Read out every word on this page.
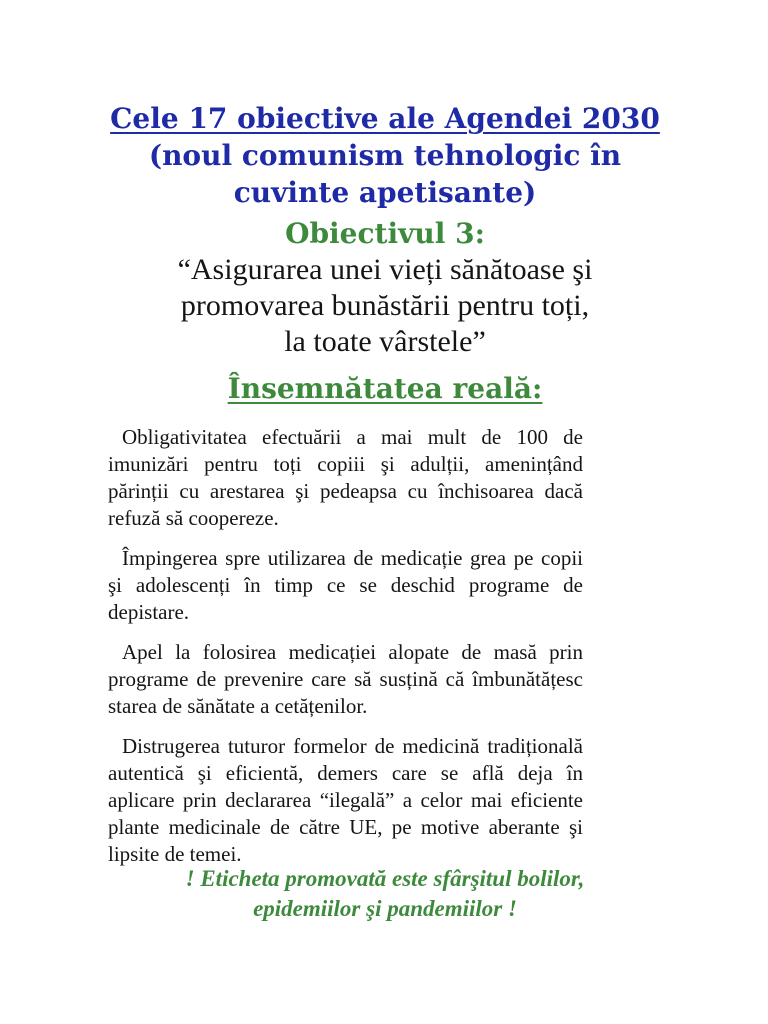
Cele 17 obiective ale Agendei 2030
(noul comunism tehnologic în
cuvinte apetisante)
Obiectivul 3:
“Asigurarea unei vieți sănătoase şi
promovarea bunăstării pentru toți,
la toate vârstele”
Însemnătatea reală:

Obligativitatea efectuării a mai mult de 100 de imunizări pentru toți copiii şi adulții, amenințând părinții cu arestarea şi pedeapsa cu închisoarea dacă refuză să coopereze.

Împingerea spre utilizarea de medicație grea pe copii şi adolescenți în timp ce se deschid programe de depistare.

Apel la folosirea medicației alopate de masă prin programe de prevenire care să susțină că îmbunătățesc starea de sănătate a cetățenilor.

Distrugerea tuturor formelor de medicină tradițională autentică şi eficientă, demers care se află deja în aplicare prin declararea “ilegală” a celor mai eficiente plante medicinale de către UE, pe motive aberante şi lipsite de temei.

! Eticheta promovată este sfârşitul bolilor,
epidemiilor şi pandemiilor !
